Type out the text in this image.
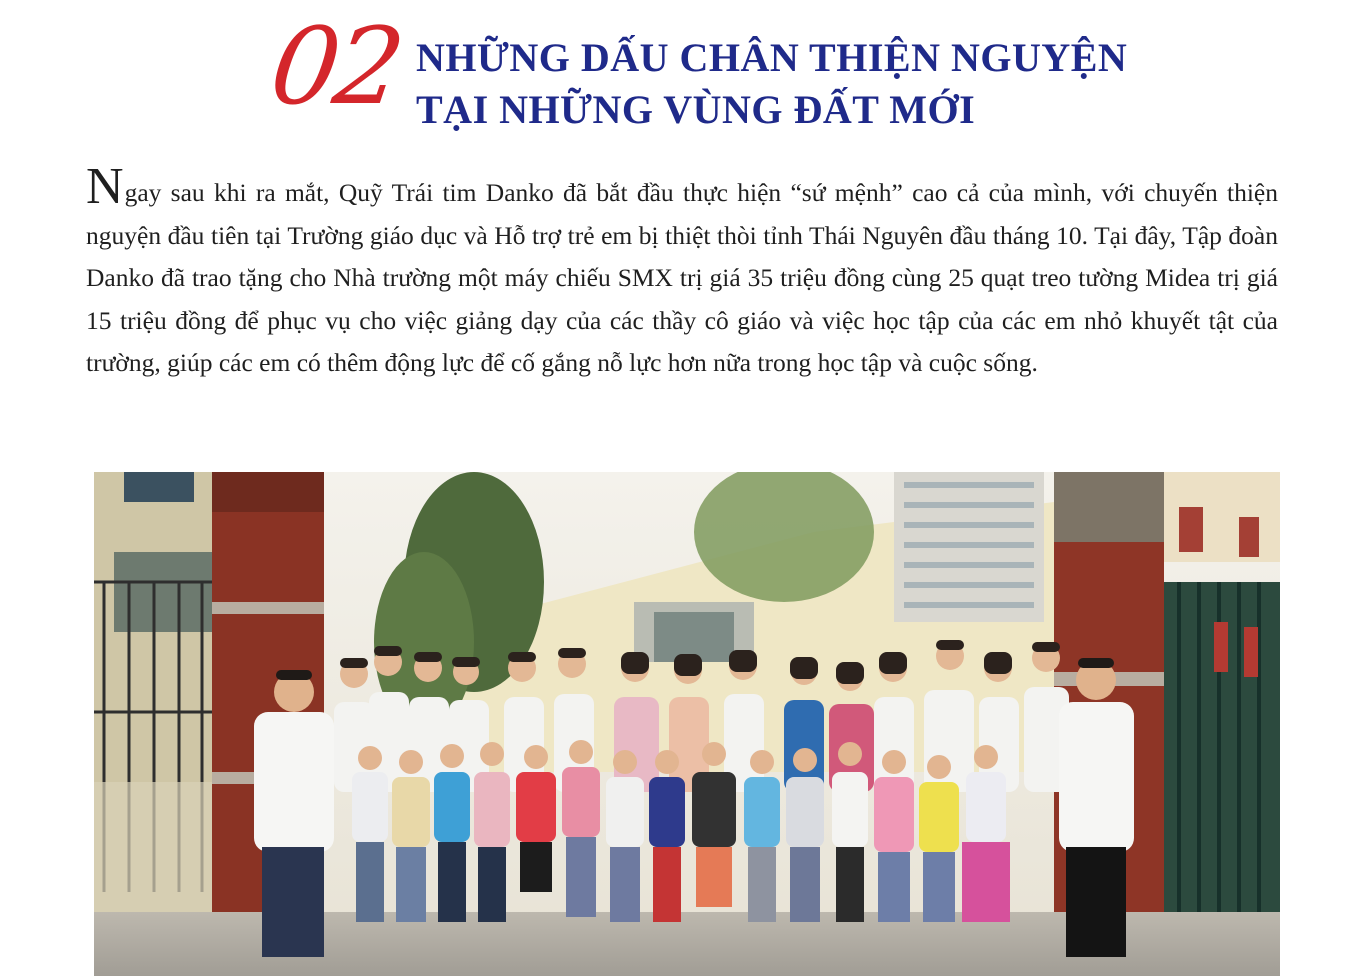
02 NHỮNG DẤU CHÂN THIỆN NGUYỆN
TẠI NHỮNG VÙNG ĐẤT MỚI
Ngay sau khi ra mắt, Quỹ Trái tim Danko đã bắt đầu thực hiện “sứ mệnh” cao cả của mình, với chuyến thiện nguyện đầu tiên tại Trường giáo dục và Hỗ trợ trẻ em bị thiệt thòi tỉnh Thái Nguyên đầu tháng 10. Tại đây, Tập đoàn Danko đã trao tặng cho Nhà trường một máy chiếu SMX trị giá 35 triệu đồng cùng 25 quạt treo tường Midea trị giá 15 triệu đồng để phục vụ cho việc giảng dạy của các thầy cô giáo và việc học tập của các em nhỏ khuyết tật của trường, giúp các em có thêm động lực để cố gắng nỗ lực hơn nữa trong học tập và cuộc sống.
